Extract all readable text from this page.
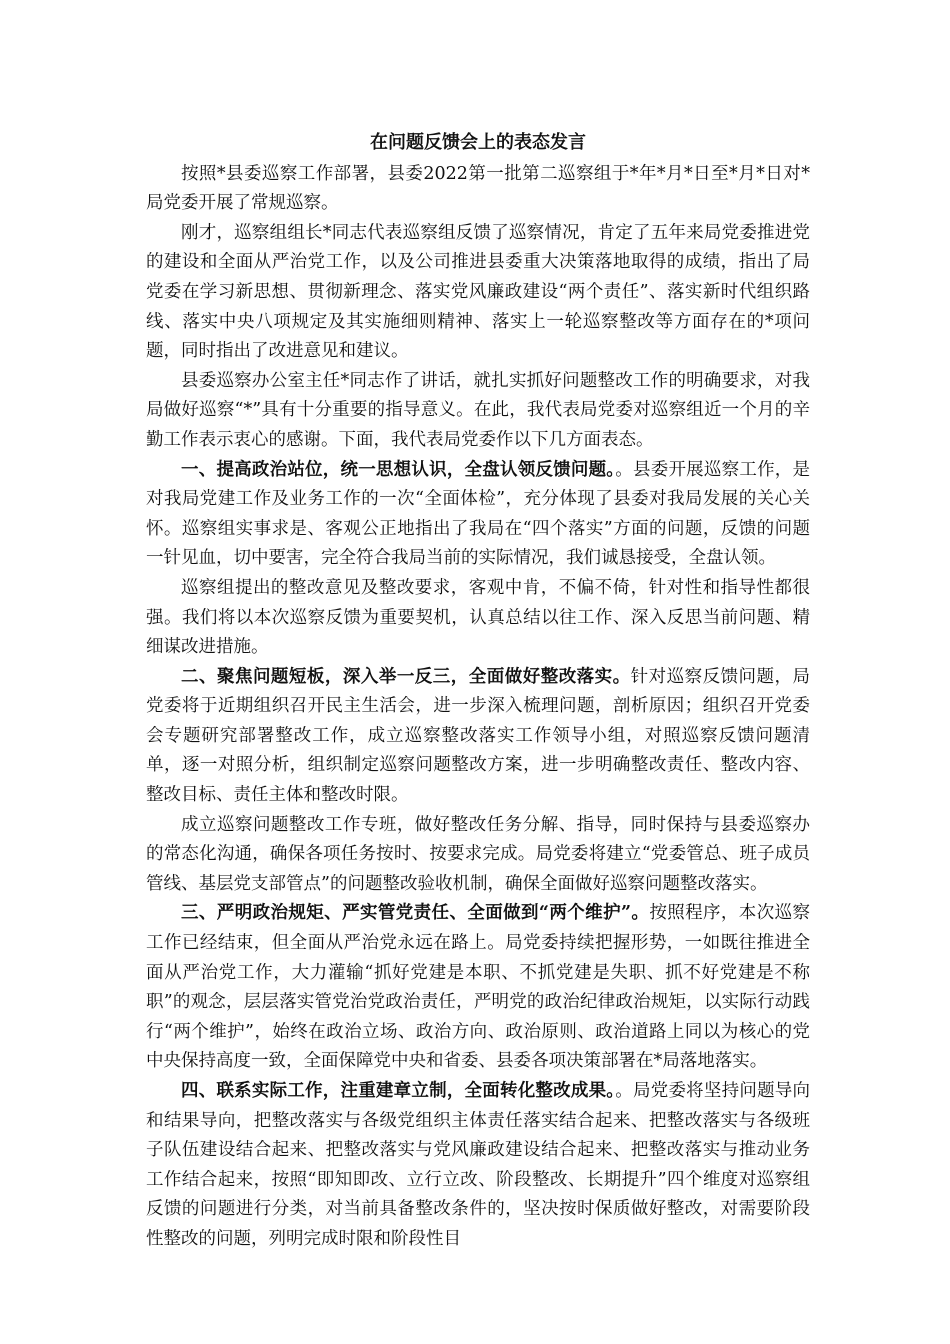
在问题反馈会上的表态发言

按照*县委巡察工作部署，县委2022第一批第二巡察组于*年*月*日至*月*日对*局党委开展了常规巡察。

刚才，巡察组组长*同志代表巡察组反馈了巡察情况，肯定了五年来局党委推进党的建设和全面从严治党工作，以及公司推进县委重大决策落地取得的成绩，指出了局党委在学习新思想、贯彻新理念、落实党风廉政建设“两个责任”、落实新时代组织路线、落实中央八项规定及其实施细则精神、落实上一轮巡察整改等方面存在的*项问题，同时指出了改进意见和建议。

县委巡察办公室主任*同志作了讲话，就扎实抓好问题整改工作的明确要求，对我局做好巡察“*”具有十分重要的指导意义。在此，我代表局党委对巡察组近一个月的辛勤工作表示衷心的感谢。下面，我代表局党委作以下几方面表态。

一、提高政治站位，统一思想认识，全盘认领反馈问题。。县委开展巡察工作，是对我局党建工作及业务工作的一次“全面体检”，充分体现了县委对我局发展的关心关怀。巡察组实事求是、客观公正地指出了我局在“四个落实”方面的问题，反馈的问题一针见血，切中要害，完全符合我局当前的实际情况，我们诚恳接受，全盘认领。

巡察组提出的整改意见及整改要求，客观中肯，不偏不倚，针对性和指导性都很强。我们将以本次巡察反馈为重要契机，认真总结以往工作、深入反思当前问题、精细谋改进措施。

二、聚焦问题短板，深入举一反三，全面做好整改落实。针对巡察反馈问题，局党委将于近期组织召开民主生活会，进一步深入梳理问题，剖析原因；组织召开党委会专题研究部署整改工作，成立巡察整改落实工作领导小组，对照巡察反馈问题清单，逐一对照分析，组织制定巡察问题整改方案，进一步明确整改责任、整改内容、整改目标、责任主体和整改时限。

成立巡察问题整改工作专班，做好整改任务分解、指导，同时保持与县委巡察办的常态化沟通，确保各项任务按时、按要求完成。局党委将建立“党委管总、班子成员管线、基层党支部管点”的问题整改验收机制，确保全面做好巡察问题整改落实。

三、严明政治规矩、严实管党责任、全面做到“两个维护”。按照程序，本次巡察工作已经结束，但全面从严治党永远在路上。局党委持续把握形势，一如既往推进全面从严治党工作，大力灌输“抓好党建是本职、不抓党建是失职、抓不好党建是不称职”的观念，层层落实管党治党政治责任，严明党的政治纪律政治规矩，以实际行动践行“两个维护”，始终在政治立场、政治方向、政治原则、政治道路上同以为核心的党中央保持高度一致，全面保障党中央和省委、县委各项决策部署在*局落地落实。

四、联系实际工作，注重建章立制，全面转化整改成果。。局党委将坚持问题导向和结果导向，把整改落实与各级党组织主体责任落实结合起来、把整改落实与各级班子队伍建设结合起来、把整改落实与党风廉政建设结合起来、把整改落实与推动业务工作结合起来，按照“即知即改、立行立改、阶段整改、长期提升”四个维度对巡察组反馈的问题进行分类，对当前具备整改条件的，坚决按时保质做好整改，对需要阶段性整改的问题，列明完成时限和阶段性目
